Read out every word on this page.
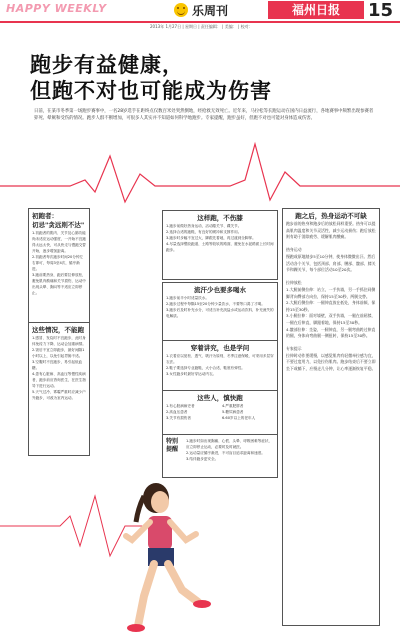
HAPPY WEEKLY	乐周刊	福州日报	15
2013年 1月27日 | 星期日 | 责任编辑： | 美编： | 校对：
跑步有益健康，
但跑不对也可能成为伤害
日前，在某市冬季第一场跑步赛事中，一名28岁选手在距终点仅数百米处突然倒地，经抢救无效死亡。近年来，马拉松等长跑运动在国内日益流行，各地赛事中频繁出现参赛者猝死、晕厥和受伤的情况。跑步人群不断增加，可很多人其实并不知道如何科学地跑步。专家提醒，跑步虽好，但跑不对也可能对身体造成伤害。
初跑者：
切忌"贪远则不达"
1.初跑者的肌肉、关节及心肺功能尚未适应运动强度，一开始不宜跑得太远太快，可从快走与慢跑交替开始，逐步增加距离。
2.初跑者每次跑步时间20分钟左右即可，每周3至4次，循序渐进。
3.跑前要热身，跑后要拉伸放松，避免肌肉酸痛和关节损伤，运动中出现头晕、胸闷等不适应立即停止。
这些情况，不能跑
1.感冒、发烧时不宜跑步，此时身体免疫力下降，运动会加重病情。
2.饭后不宜立即跑步，最好间隔1小时以上，以免引起胃肠不适。
3.空腹时不宜跑步，易引起低血糖。
4.患有心脏病、高血压等慢性疾病者，跑步前应咨询医生，在医生指导下进行运动。
5.天气过冷、雾霾严重时应减少户外跑步，可改为室内运动。
这样跑，不伤膝
1.跑步前做好热身运动，活动膝关节、踝关节。
2.选择合适的跑鞋，有良好的缓冲和支撑作用。
3.跑步时步幅不宜过大，脚跟先着地，再过渡到全脚掌。
4.尽量选择塑胶跑道、土路等较软的路面，避免在水泥路面上长时间跑步。
流汗少也要多喝水
1.跑步前半小时适量饮水。
2.跑步过程中每隔15至20分钟少量饮水，不要等口渴了才喝。
3.跑步后及时补充水分，可适当补充淡盐水或运动饮料，补充流失的电解质。
穿着讲究，也是学问
1.衣着应以宽松、透气、吸汗为原则，冬季注意保暖，可采用多层穿衣法。
2.鞋子要选择专业跑鞋，大小合适，鞋底有弹性。
3.女性跑步时最好穿运动内衣。
这些人，慎快跑
1.有心脏病病史者
2.高血压患者
3.关节有损伤者
4.严重肥胖者
5.糖尿病患者
6.60岁以上的老年人
特别提醒
1.跑步时如出现胸痛、心慌、头晕、呼吸困难等症状，应立即停止运动，必要时及时就医。
2.运动量应循序渐进，不可盲目追求距离和速度。
3.结伴跑步更安全。
跑之后，热身运动不可缺
跑步前的热身和跑步后的放松同样重要。热身可以提高肌肉温度和关节灵活性，减少运动损伤；跑后放松则有助于消除疲劳、缓解肌肉酸痛。

热身运动
慢跑或原地踏步5至10分钟，使身体微微出汗。然后活动各个关节，包括颈部、肩部、腰部、髋部、膝关节和踝关节，每个部位活动10至20次。

拉伸放松
1.大腿前侧拉伸：站立，一手扶墙，另一手抓住同侧脚背向臀部方向拉，保持15至30秒，两腿交替。
2.大腿后侧拉伸：一腿伸直放在低处，身体前倾，保持15至30秒。
3.小腿拉伸：面对墙壁，双手扶墙，一腿在前屈膝，一腿在后伸直，脚跟着地，保持15至30秒。
4.髋部拉伸：坐姿，一腿伸直，另一腿弯曲跨过伸直的腿，身体向弯曲腿一侧扭转，保持15至30秒。

专家提示
拉伸时动作要缓慢，以感觉肌肉有轻微牵拉感为宜，不要过度用力，以免拉伤肌肉。跑步结束后不要立即坐下或躺下，应慢走几分钟，让心率逐渐恢复平稳。
